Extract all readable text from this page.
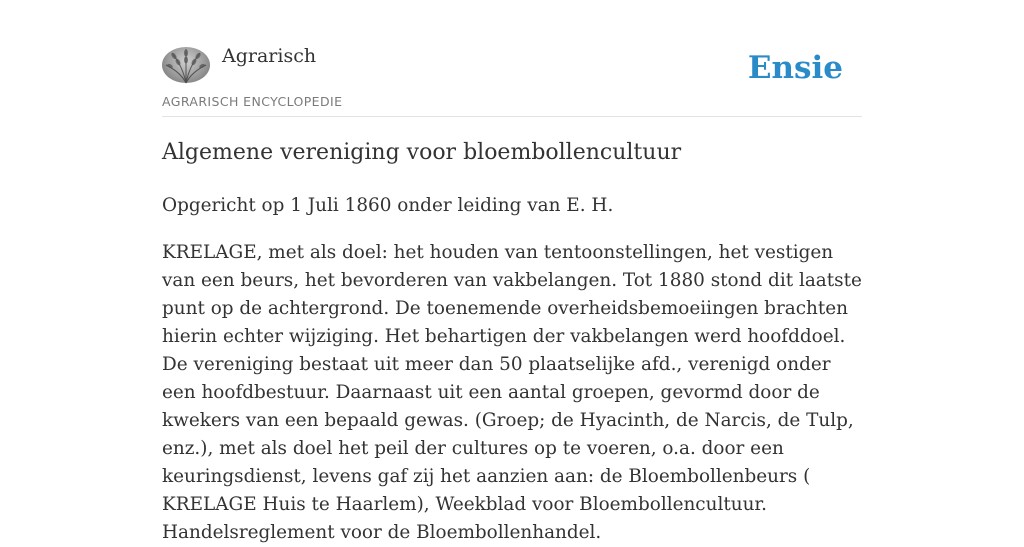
Agrarisch
AGRARISCH ENCYCLOPEDIE
Ensie
Algemene vereniging voor bloembollencultuur

Opgericht op 1 Juli 1860 onder leiding van E. H.

KRELAGE, met als doel: het houden van tentoonstellingen, het vestigen van een beurs, het bevorderen van vakbelangen. Tot 1880 stond dit laatste punt op de achtergrond. De toenemende overheidsbemoeiingen brachten hierin echter wijziging. Het behartigen der vakbelangen werd hoofddoel. De vereniging bestaat uit meer dan 50 plaatselijke afd., verenigd onder een hoofdbestuur. Daarnaast uit een aantal groepen, gevormd door de kwekers van een bepaald gewas. (Groep; de Hyacinth, de Narcis, de Tulp, enz.), met als doel het peil der cultures op te voeren, o.a. door een keuringsdienst, levens gaf zij het aanzien aan: de Bloembollenbeurs ( KRELAGE Huis te Haarlem), Weekblad voor Bloembollencultuur. Handelsreglement voor de Bloembollenhandel.
